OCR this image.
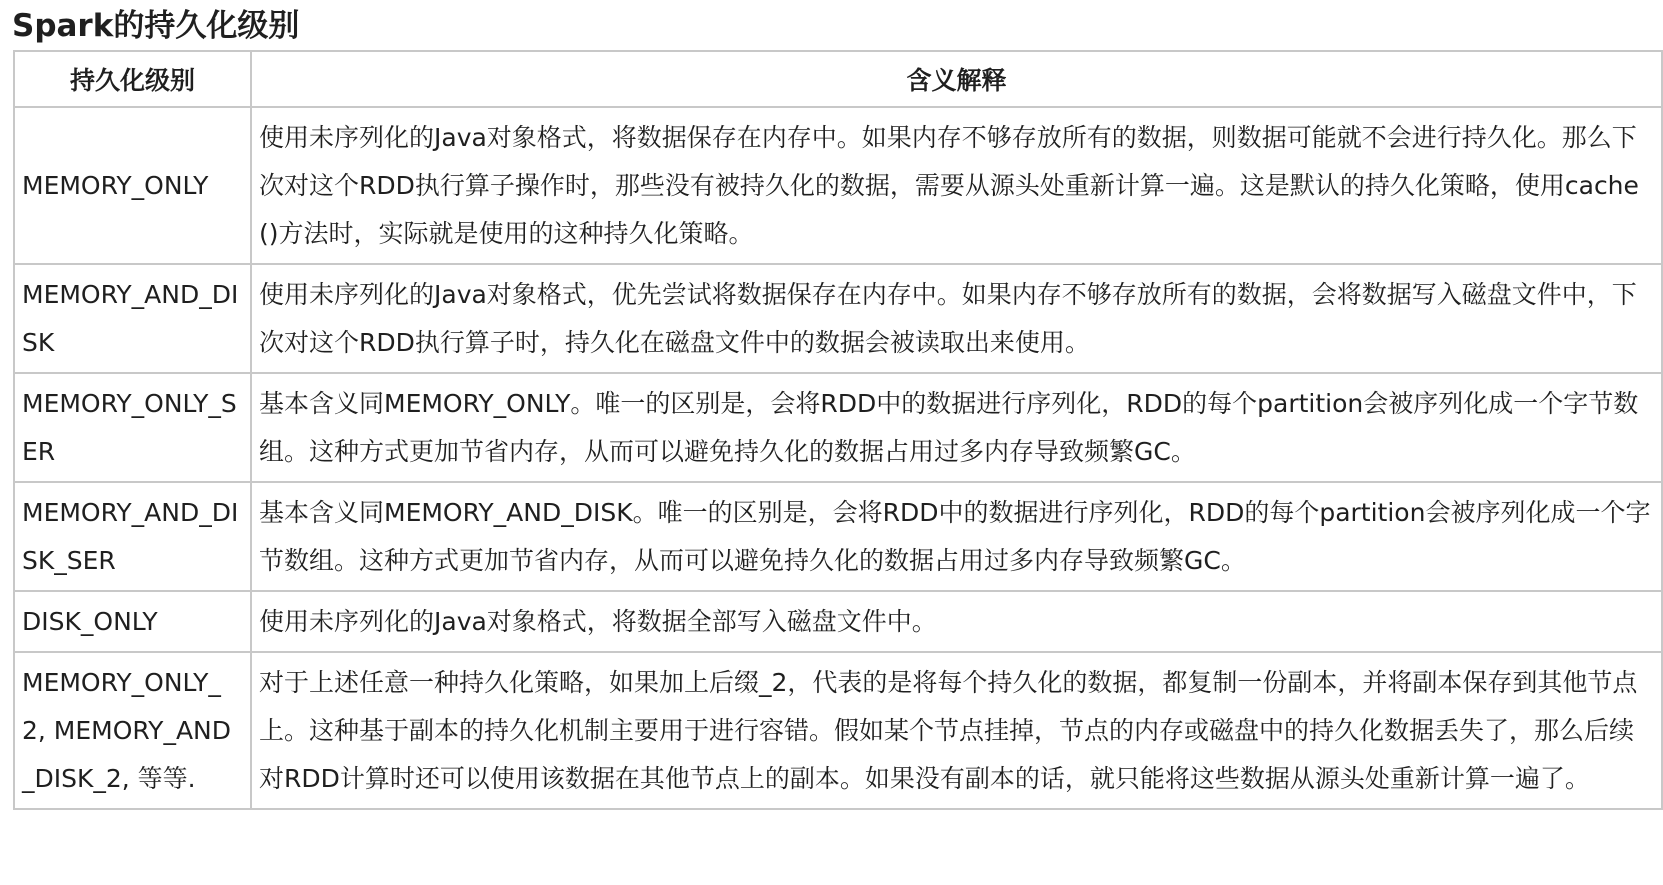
Spark的持久化级别
持久化级别	含义解释
MEMORY_ONLY	使用未序列化的Java对象格式，将数据保存在内存中。如果内存不够存放所有的数据，则数据可能就不会进行持久化。那么下次对这个RDD执行算子操作时，那些没有被持久化的数据，需要从源头处重新计算一遍。这是默认的持久化策略，使用cache()方法时，实际就是使用的这种持久化策略。
MEMORY_AND_DISK	使用未序列化的Java对象格式，优先尝试将数据保存在内存中。如果内存不够存放所有的数据，会将数据写入磁盘文件中，下次对这个RDD执行算子时，持久化在磁盘文件中的数据会被读取出来使用。
MEMORY_ONLY_SER	基本含义同MEMORY_ONLY。唯一的区别是，会将RDD中的数据进行序列化，RDD的每个partition会被序列化成一个字节数组。这种方式更加节省内存，从而可以避免持久化的数据占用过多内存导致频繁GC。
MEMORY_AND_DISK_SER	基本含义同MEMORY_AND_DISK。唯一的区别是，会将RDD中的数据进行序列化，RDD的每个partition会被序列化成一个字节数组。这种方式更加节省内存，从而可以避免持久化的数据占用过多内存导致频繁GC。
DISK_ONLY	使用未序列化的Java对象格式，将数据全部写入磁盘文件中。
MEMORY_ONLY_2, MEMORY_AND_DISK_2, 等等.	对于上述任意一种持久化策略，如果加上后缀_2，代表的是将每个持久化的数据，都复制一份副本，并将副本保存到其他节点上。这种基于副本的持久化机制主要用于进行容错。假如某个节点挂掉，节点的内存或磁盘中的持久化数据丢失了，那么后续对RDD计算时还可以使用该数据在其他节点上的副本。如果没有副本的话，就只能将这些数据从源头处重新计算一遍了。
